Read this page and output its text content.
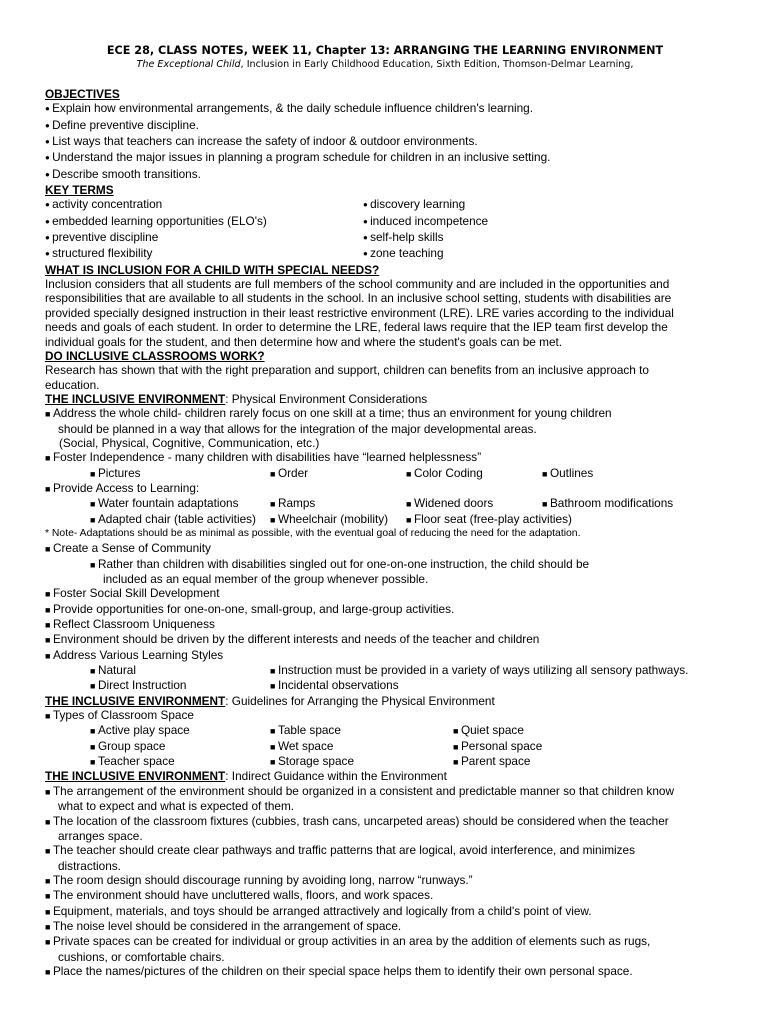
ECE 28, CLASS NOTES, WEEK 11, Chapter 13: ARRANGING THE LEARNING ENVIRONMENT
The Exceptional Child, Inclusion in Early Childhood Education, Sixth Edition, Thomson-Delmar Learning,
OBJECTIVES
● Explain how environmental arrangements, & the daily schedule influence children's learning.
● Define preventive discipline.
● List ways that teachers can increase the safety of indoor & outdoor environments.
● Understand the major issues in planning a program schedule for children in an inclusive setting.
● Describe smooth transitions.
KEY TERMS
● activity concentration	● discovery learning
● embedded learning opportunities (ELO's)	● induced incompetence
● preventive discipline	● self-help skills
● structured flexibility	● zone teaching
WHAT IS INCLUSION FOR A CHILD WITH SPECIAL NEEDS?
Inclusion considers that all students are full members of the school community and are included in the opportunities and
responsibilities that are available to all students in the school. In an inclusive school setting, students with disabilities are
provided specially designed instruction in their least restrictive environment (LRE). LRE varies according to the individual
needs and goals of each student. In order to determine the LRE, federal laws require that the IEP team first develop the
individual goals for the student, and then determine how and where the student's goals can be met.
DO INCLUSIVE CLASSROOMS WORK?
Research has shown that with the right preparation and support, children can benefits from an inclusive approach to
education.
THE INCLUSIVE ENVIRONMENT: Physical Environment Considerations
■ Address the whole child- children rarely focus on one skill at a time; thus an environment for young children
should be planned in a way that allows for the integration of the major developmental areas.
(Social, Physical, Cognitive, Communication, etc.)
■ Foster Independence - many children with disabilities have “learned helplessness”
■ Pictures	■ Order	■ Color Coding	■ Outlines
■ Provide Access to Learning:
■ Water fountain adaptations	■ Ramps	■ Widened doors	■ Bathroom modifications
■ Adapted chair (table activities)	■ Wheelchair (mobility)	■ Floor seat (free-play activities)
* Note- Adaptations should be as minimal as possible, with the eventual goal of reducing the need for the adaptation.
■ Create a Sense of Community
■ Rather than children with disabilities singled out for one-on-one instruction, the child should be
included as an equal member of the group whenever possible.
■ Foster Social Skill Development
■ Provide opportunities for one-on-one, small-group, and large-group activities.
■ Reflect Classroom Uniqueness
■ Environment should be driven by the different interests and needs of the teacher and children
■ Address Various Learning Styles
■ Natural	■ Instruction must be provided in a variety of ways utilizing all sensory pathways.
■ Direct Instruction	■ Incidental observations
THE INCLUSIVE ENVIRONMENT: Guidelines for Arranging the Physical Environment
■ Types of Classroom Space
■ Active play space	■ Table space	■ Quiet space
■ Group space	■ Wet space	■ Personal space
■ Teacher space	■ Storage space	■ Parent space
THE INCLUSIVE ENVIRONMENT: Indirect Guidance within the Environment
■ The arrangement of the environment should be organized in a consistent and predictable manner so that children know
what to expect and what is expected of them.
■ The location of the classroom fixtures (cubbies, trash cans, uncarpeted areas) should be considered when the teacher
arranges space.
■ The teacher should create clear pathways and traffic patterns that are logical, avoid interference, and minimizes
distractions.
■ The room design should discourage running by avoiding long, narrow “runways.”
■ The environment should have uncluttered walls, floors, and work spaces.
■ Equipment, materials, and toys should be arranged attractively and logically from a child's point of view.
■ The noise level should be considered in the arrangement of space.
■ Private spaces can be created for individual or group activities in an area by the addition of elements such as rugs,
cushions, or comfortable chairs.
■ Place the names/pictures of the children on their special space helps them to identify their own personal space.
